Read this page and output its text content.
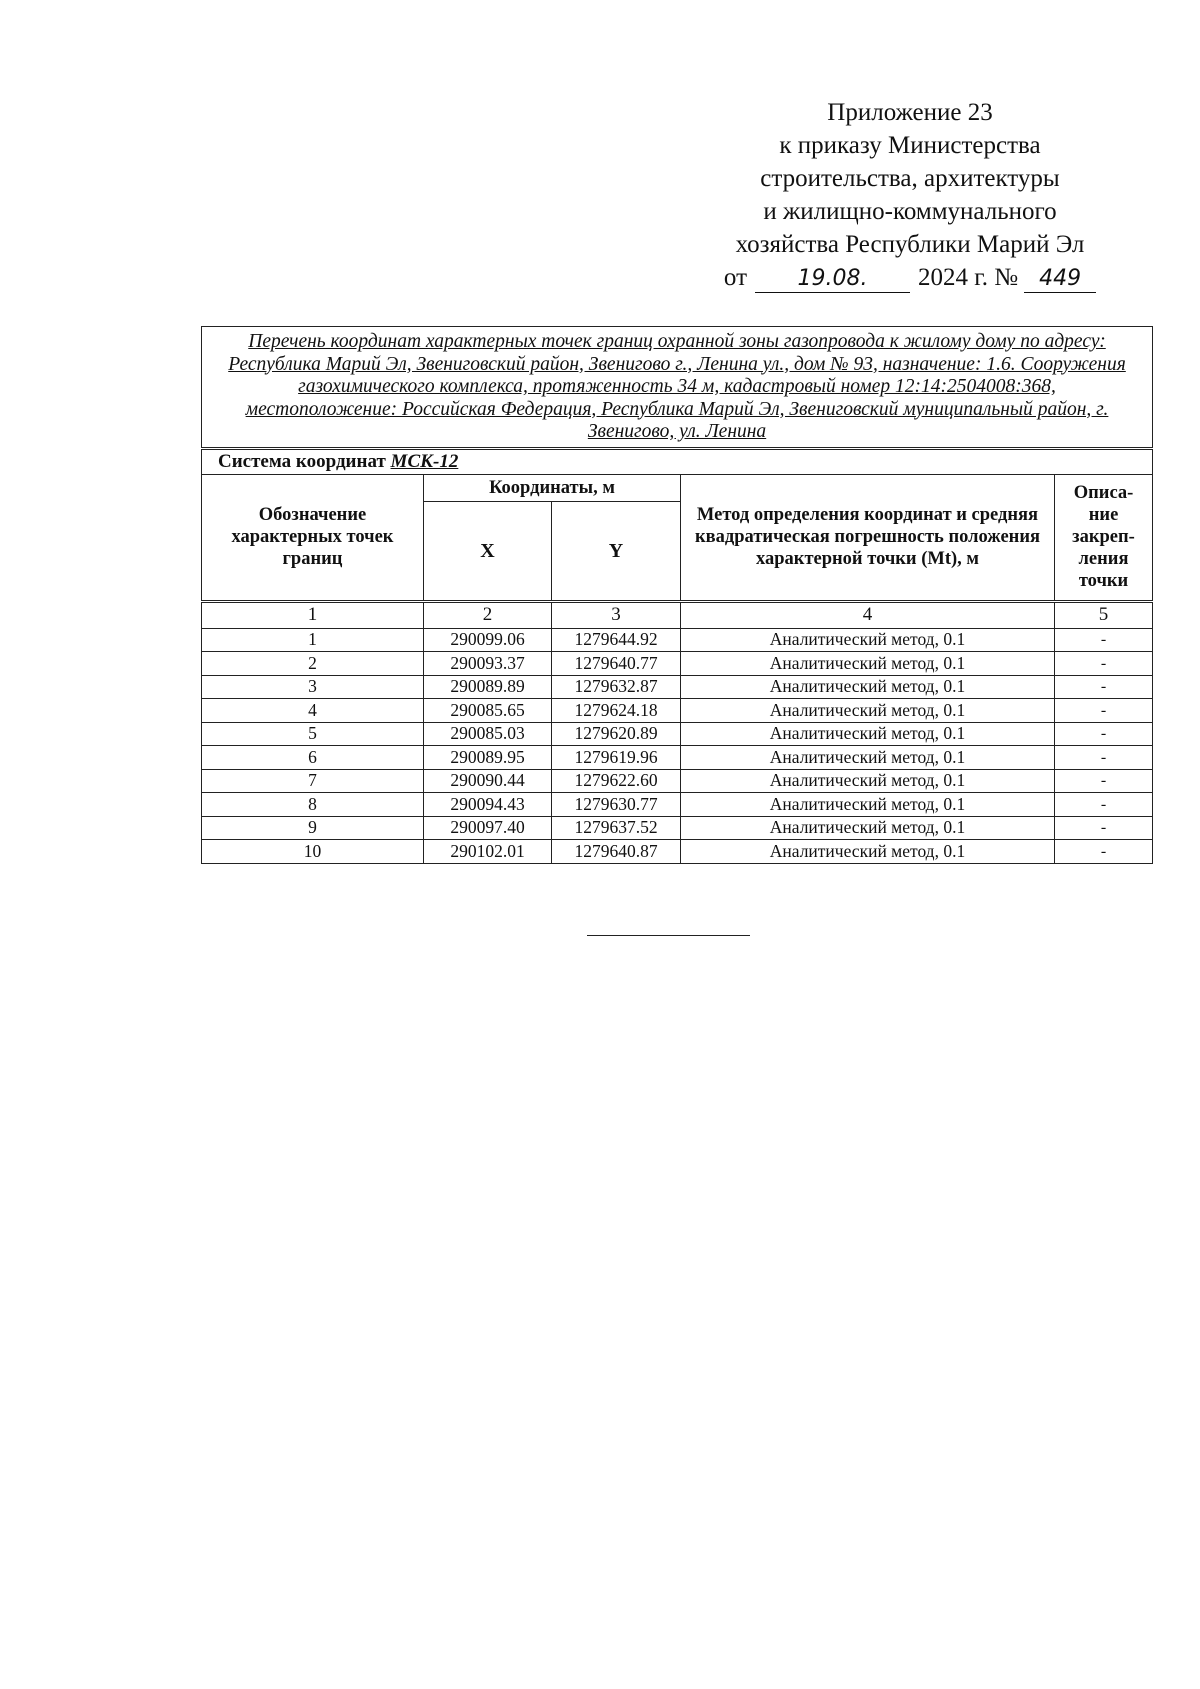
Приложение 23
к приказу Министерства
строительства, архитектуры
и жилищно-коммунального
хозяйства Республики Марий Эл
от 19.08. 2024 г. № 449
Перечень координат характерных точек границ охранной зоны газопровода к жилому дому по адресу: Республика Марий Эл, Звениговский район, Звенигово г., Ленина ул., дом № 93, назначение: 1.6. Сооружения газохимического комплекса, протяженность 34 м, кадастровый номер 12:14:2504008:368, местоположение: Российская Федерация, Республика Марий Эл, Звениговский муниципальный район, г. Звенигово, ул. Ленина				
Система координат МСК-12				
Обозначение характерных точек границ	Координаты, м		Метод определения координат и средняя квадратическая погрешность положения характерной точки (Mt), м	Описа-
ние
закреп-
ления
точки
	X	Y		
1	2	3	4	5
1	290099.06	1279644.92	Аналитический метод, 0.1	-
2	290093.37	1279640.77	Аналитический метод, 0.1	-
3	290089.89	1279632.87	Аналитический метод, 0.1	-
4	290085.65	1279624.18	Аналитический метод, 0.1	-
5	290085.03	1279620.89	Аналитический метод, 0.1	-
6	290089.95	1279619.96	Аналитический метод, 0.1	-
7	290090.44	1279622.60	Аналитический метод, 0.1	-
8	290094.43	1279630.77	Аналитический метод, 0.1	-
9	290097.40	1279637.52	Аналитический метод, 0.1	-
10	290102.01	1279640.87	Аналитический метод, 0.1	-
